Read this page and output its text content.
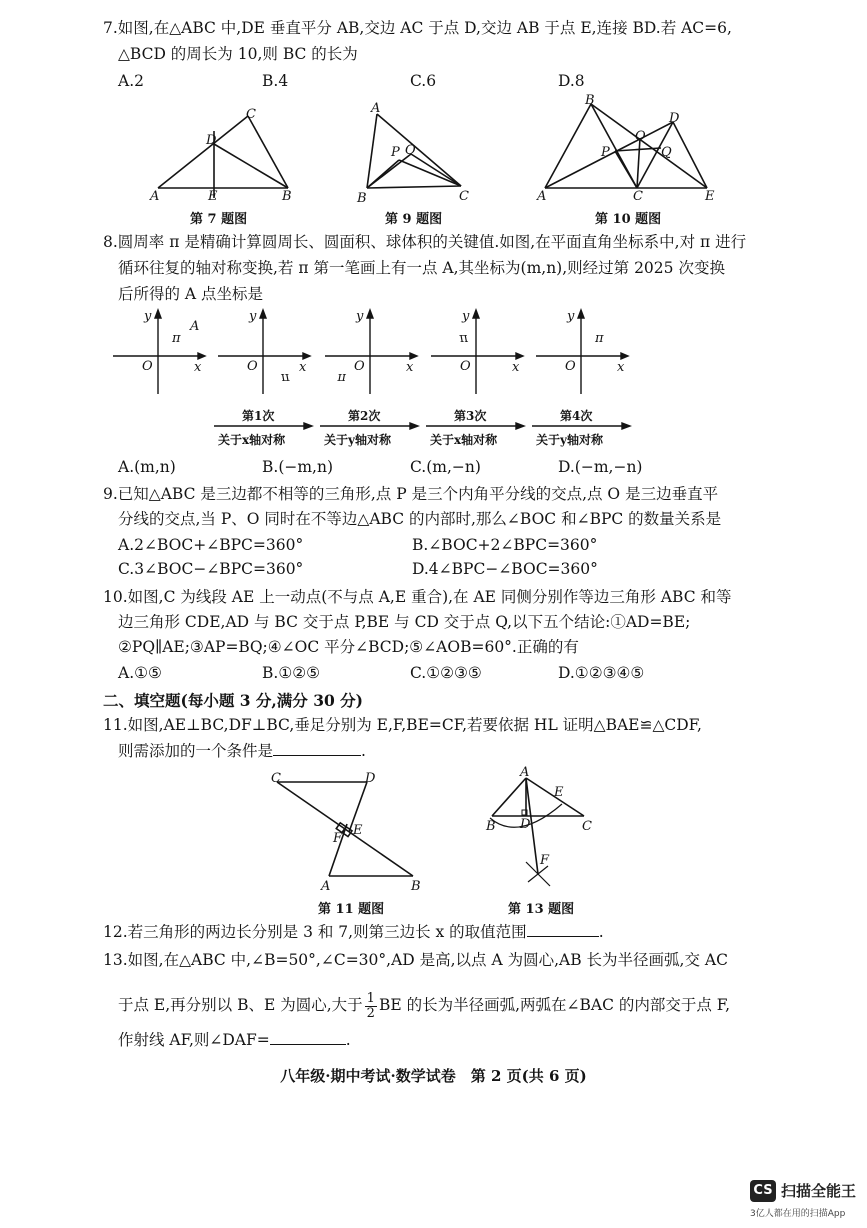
7.如图,在△ABC 中,DE 垂直平分 AB,交边 AC 于点 D,交边 AB 于点 E,连接 BD.若 AC=6,
△BCD 的周长为 10,则 BC 的长为
A.2	B.4	C.6	D.8
C
D
A	E	B
第 7 题图
A
P O
B	C
第 9 题图
B
O
D
P	Q
A	C	E
第 10 题图
8.圆周率 π 是精确计算圆周长、圆面积、球体积的关键值.如图,在平面直角坐标系中,对 π 进行
循环往复的轴对称变换,若 π 第一笔画上有一点 A,其坐标为(m,n),则经过第 2025 次变换
后所得的 A 点坐标是
y
x
O
π
A
y
x
O
π
y
x
O
π
y
x
O
π
y
x
O
π
第1次
关于x轴对称
第2次
关于y轴对称
第3次
关于x轴对称
第4次
关于y轴对称
A.(m,n)	B.(−m,n)	C.(m,−n)	D.(−m,−n)
9.已知△ABC 是三边都不相等的三角形,点 P 是三个内角平分线的交点,点 O 是三边垂直平
分线的交点,当 P、O 同时在不等边△ABC 的内部时,那么∠BOC 和∠BPC 的数量关系是
A.2∠BOC+∠BPC=360°	B.∠BOC+2∠BPC=360°
C.3∠BOC−∠BPC=360°	D.4∠BPC−∠BOC=360°
10.如图,C 为线段 AE 上一动点(不与点 A,E 重合),在 AE 同侧分别作等边三角形 ABC 和等
边三角形 CDE,AD 与 BC 交于点 P,BE 与 CD 交于点 Q,以下五个结论:①AD=BE;
②PQ∥AE;③AP=BQ;④∠OC 平分∠BCD;⑤∠AOB=60°.正确的有
A.①⑤	B.①②⑤	C.①②③⑤	D.①②③④⑤
二、填空题(每小题 3 分,满分 30 分)
11.如图,AE⊥BC,DF⊥BC,垂足分别为 E,F,BE=CF,若要依据 HL 证明△BAE≌△CDF,
则需添加的一个条件是	.
C	D
E
F
A	B
第 11 题图
A
E
B D	C
F
第 13 题图
12.若三角形的两边长分别是 3 和 7,则第三边长 x 的取值范围	.
13.如图,在△ABC 中,∠B=50°,∠C=30°,AD 是高,以点 A 为圆心,AB 长为半径画弧,交 AC
于点 E,再分别以 B、E 为圆心,大于 $\frac{1}{2}$ BE 的长为半径画弧,两弧在∠BAC 的内部交于点 F,
作射线 AF,则∠DAF=	.
八年级·期中考试·数学试卷　第 2 页(共 6 页)
CS 扫描全能王
3亿人都在用的扫描App
